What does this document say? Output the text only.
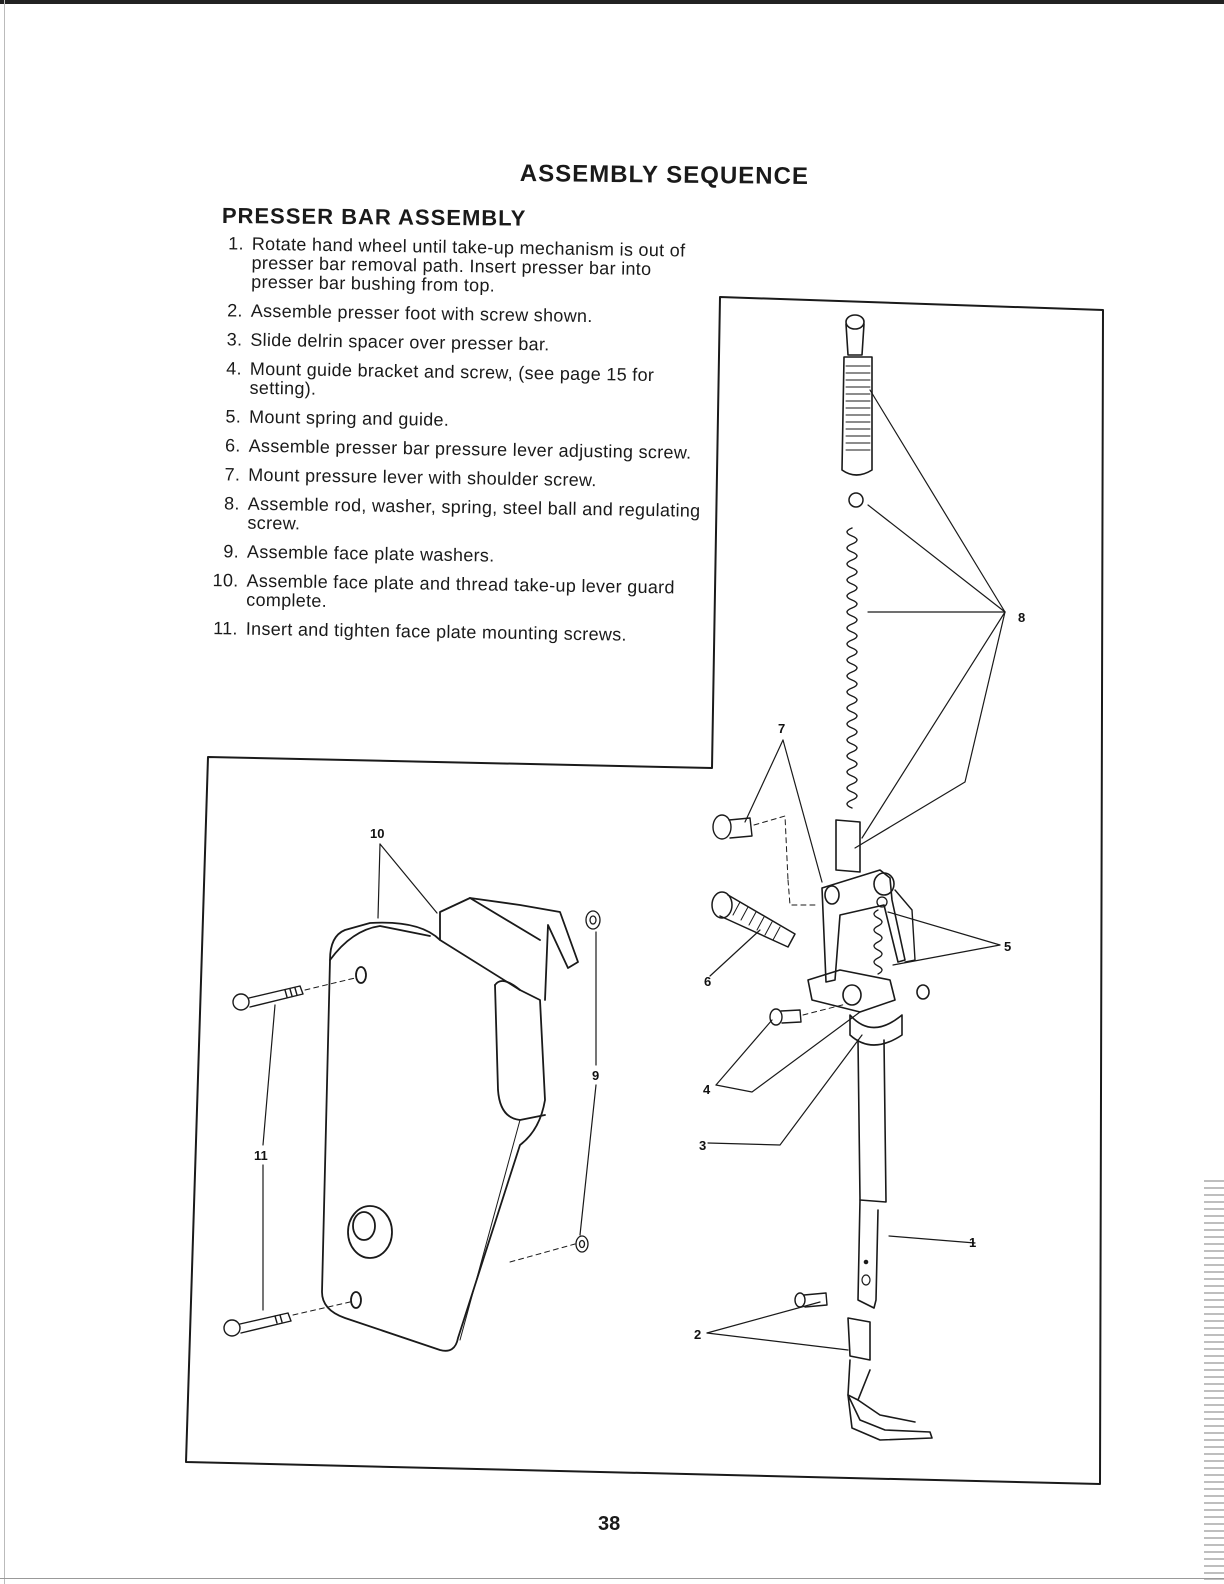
ASSEMBLY SEQUENCE
PRESSER BAR ASSEMBLY
1. Rotate hand wheel until take-up mechanism is out of presser bar removal path. Insert presser bar into presser bar bushing from top.
2. Assemble presser foot with screw shown.
3. Slide delrin spacer over presser bar.
4. Mount guide bracket and screw, (see page 15 for setting).
5. Mount spring and guide.
6. Assemble presser bar pressure lever adjusting screw.
7. Mount pressure lever with shoulder screw.
8. Assemble rod, washer, spring, steel ball and regulating screw.
9. Assemble face plate washers.
10. Assemble face plate and thread take-up lever guard complete.
11. Insert and tighten face plate mounting screws.
8
5
7
6
4
3
1
2
9
10
11
38
